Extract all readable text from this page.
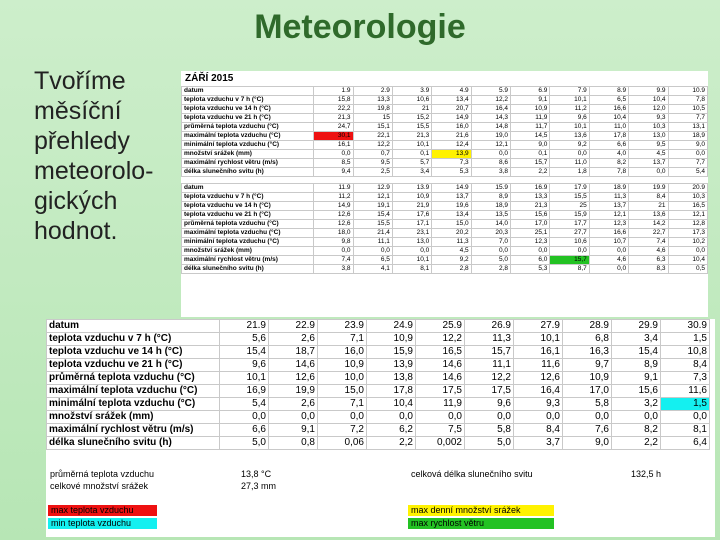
Meteorologie
Tvoříme
měsíční
přehledy
meteorolo-
gických
hodnot.
ZÁŘÍ 2015
datum	1.9	2.9	3.9	4.9	5.9	6.9	7.9	8.9	9.9	10.9
teplota vzduchu v 7 h (°C)	15,8	13,3	10,6	13,4	12,2	9,1	10,1	6,5	10,4	7,8
teplota vzduchu ve 14 h (°C)	22,2	19,8	21	20,7	16,4	10,9	11,2	16,6	12,0	10,5
teplota vzduchu ve 21 h (°C)	21,3	15	15,2	14,9	14,3	11,9	9,6	10,4	9,3	7,7
průměrná teplota vzduchu (°C)	24,7	15,1	15,5	16,0	14,8	11,7	10,1	11,0	10,3	13,1
maximální teplota vzduchu (°C)	30,1	22,1	21,3	21,6	19,0	14,5	13,6	17,8	13,0	18,9
minimální teplota vzduchu (°C)	16,1	12,2	10,1	12,4	12,1	9,0	9,2	6,6	9,5	9,0
množství srážek (mm)	0,0	0,7	0,1	13,9	0,0	0,1	0,0	4,0	4,5	0,0
maximální rychlost větru (m/s)	8,5	9,5	5,7	7,3	8,6	15,7	11,0	8,2	13,7	7,7
délka slunečního svitu (h)	9,4	2,5	3,4	5,3	3,8	2,2	1,8	7,8	0,0	5,4
datum	11.9	12.9	13.9	14.9	15.9	16.9	17.9	18.9	19.9	20.9
teplota vzduchu v 7 h (°C)	11,2	12,1	10,9	13,7	8,9	13,3	15,5	11,3	8,4	10,3
teplota vzduchu ve 14 h (°C)	14,9	19,1	21,9	19,6	18,9	21,3	25	13,7	21	16,5
teplota vzduchu ve 21 h (°C)	12,6	15,4	17,6	13,4	13,5	15,6	15,9	12,1	13,6	12,1
průměrná teplota vzduchu (°C)	12,6	15,5	17,1	15,0	14,0	17,0	17,7	12,3	14,2	12,8
maximální teplota vzduchu (°C)	18,0	21,4	23,1	20,2	20,3	25,1	27,7	16,6	22,7	17,3
minimální teplota vzduchu (°C)	9,8	11,1	13,0	11,3	7,0	12,3	10,6	10,7	7,4	10,2
množství srážek (mm)	0,0	0,0	0,0	4,5	0,0	0,0	0,0	0,0	4,6	0,0
maximální rychlost větru (m/s)	7,4	6,5	10,1	9,2	5,0	6,0	15,7	4,6	6,3	10,4
délka slunečního svitu (h)	3,8	4,1	8,1	2,8	2,8	5,3	8,7	0,0	8,3	0,5
datum	21.9	22.9	23.9	24.9	25.9	26.9	27.9	28.9	29.9	30.9
teplota vzduchu v 7 h (°C)	5,6	2,6	7,1	10,9	12,2	11,3	10,1	6,8	3,4	1,5
teplota vzduchu ve 14 h (°C)	15,4	18,7	16,0	15,9	16,5	15,7	16,1	16,3	15,4	10,8
teplota vzduchu ve 21 h (°C)	9,6	14,6	10,9	13,9	14,6	11,1	11,6	9,7	8,9	8,4
průměrná teplota vzduchu (°C)	10,1	12,6	10,0	13,8	14,6	12,2	12,6	10,9	9,1	7,3
maximální teplota vzduchu (°C)	16,9	19,9	15,0	17,8	17,5	17,5	16,4	17,0	15,6	11,6
minimální teplota vzduchu (°C)	5,4	2,6	7,1	10,4	11,9	9,6	9,3	5,8	3,2	1,5
množství srážek (mm)	0,0	0,0	0,0	0,0	0,0	0,0	0,0	0,0	0,0	0,0
maximální rychlost větru (m/s)	6,6	9,1	7,2	6,2	7,5	5,8	8,4	7,6	8,2	8,1
délka slunečního svitu (h)	5,0	0,8	0,06	2,2	0,002	5,0	3,7	9,0	2,2	6,4
průměrná teplota vzduchu	13,8 °C
celkové množství srážek	27,3 mm
celková délka slunečního svitu	132,5 h
max teplota vzduchu
min teplota vzduchu
max denní množství srážek
max rychlost větru
